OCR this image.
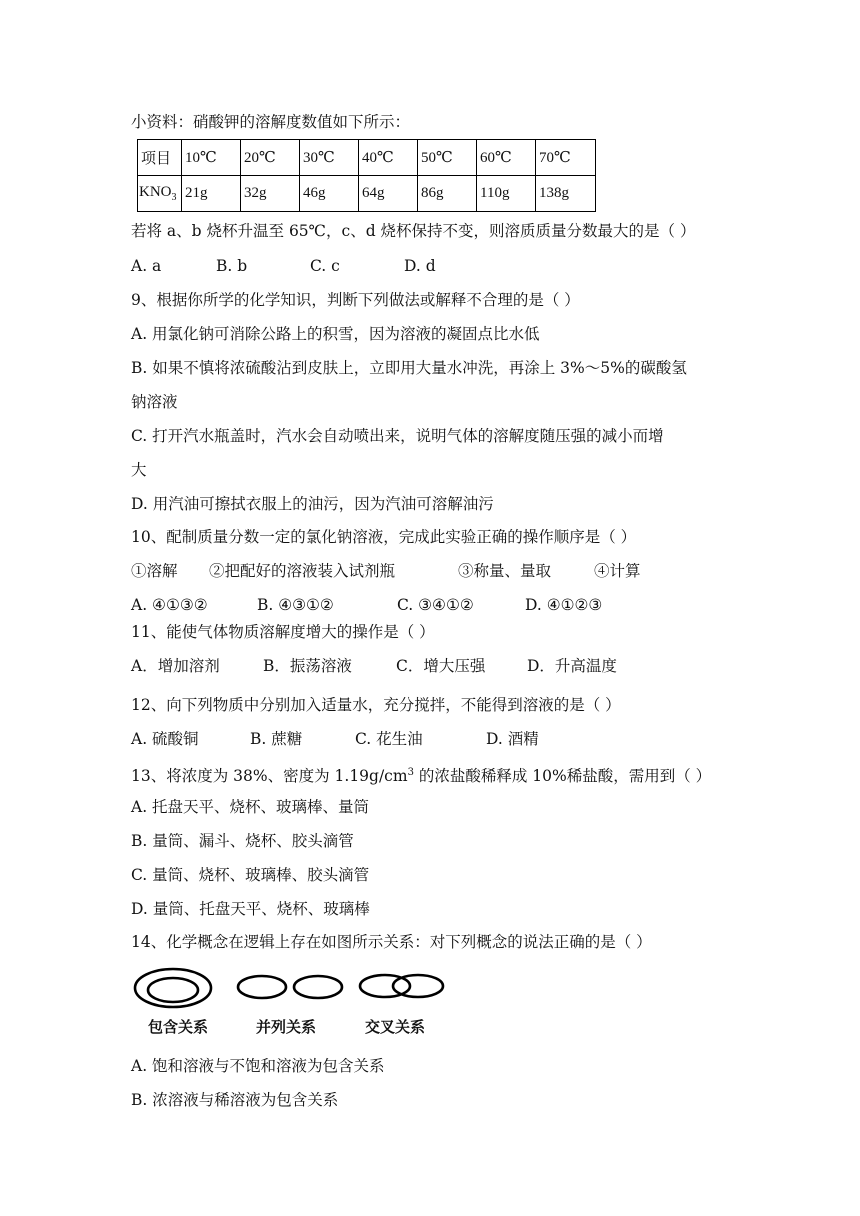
小资料：硝酸钾的溶解度数值如下所示：
项目	10℃	20℃	30℃	40℃	50℃	60℃	70℃
$KNO_3$	21g	32g	46g	64g	86g	110g	138g
若将 a、b 烧杯升温至 65℃，c、d 烧杯保持不变，则溶质质量分数最大的是（ ）
A. a	B. b	C. c	D. d
9、根据你所学的化学知识，判断下列做法或解释不合理的是（ ）
A. 用氯化钠可消除公路上的积雪，因为溶液的凝固点比水低
B. 如果不慎将浓硫酸沾到皮肤上，立即用大量水冲洗，再涂上 3%～5%的碳酸氢
钠溶液
C. 打开汽水瓶盖时，汽水会自动喷出来，说明气体的溶解度随压强的减小而增
大
D. 用汽油可擦拭衣服上的油污，因为汽油可溶解油污
10、配制质量分数一定的氯化钠溶液，完成此实验正确的操作顺序是（ ）
①溶解 ②把配好的溶液装入试剂瓶	③称量、量取	④计算
A. ④①③②	B. ④③①②	C. ③④①②	D. ④①②③
11、能使气体物质溶解度增大的操作是（ ）
A．增加溶剂	B．振荡溶液	C．增大压强	D．升高温度
12、向下列物质中分别加入适量水，充分搅拌，不能得到溶液的是（ ）
A. 硫酸铜	B. 蔗糖	C. 花生油	D. 酒精
13、将浓度为 38%、密度为 $1.19g/cm^3$ 的浓盐酸稀释成 10%稀盐酸，需用到（ ）
A. 托盘天平、烧杯、玻璃棒、量筒
B. 量筒、漏斗、烧杯、胶头滴管
C. 量筒、烧杯、玻璃棒、胶头滴管
D. 量筒、托盘天平、烧杯、玻璃棒
14、化学概念在逻辑上存在如图所示关系：对下列概念的说法正确的是（ ）
包含关系	并列关系	交叉关系
A. 饱和溶液与不饱和溶液为包含关系
B. 浓溶液与稀溶液为包含关系
